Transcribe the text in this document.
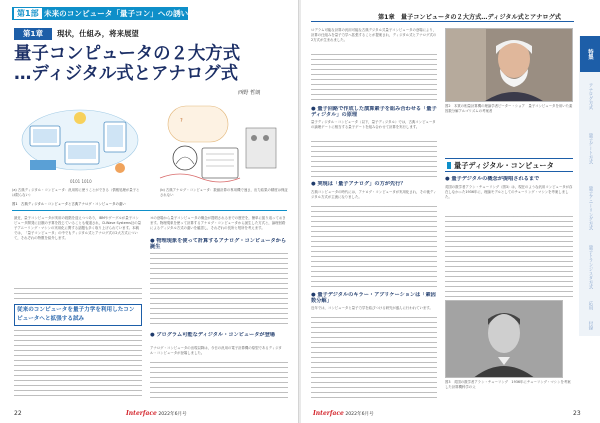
第1部 未来のコンピュータ「量子コン」への誘い
第1章	現状，仕組み，将来展望
量子コンピュータの２大方式
…ディジタル式とアナログ式
西野 哲朗
0101 1010
?
(a) 古典ディジタル・コンピュータ：汎用的に使うことができる（情報処理が量子とは限らない）
(b) 古典アナログ・コンピュータ：数値計算の専用機で速さ，出力結果の精度は保証されない
図1　古典ディジタル・コンピュータと古典アナログ・コンピュータの違い
最近，量子コンピュータが実用の段階を迎えつつあり，IBMやグーグルが量子コンピュータ開発に巨額の予算を投じていることも報道され，D-Wave Systems社の量子アニーリング・マシンの実用化に関する話題も多く取り上げられています。本稿では，「量子コンピュータ」の中でもディジタル式とアナログ式の2大方式について，それぞれの特徴を紹介します。
従来のコンピュータを量子力学を利用したコンピュータへと拡張する試み
ヨの登場から量子コンピュータの概念が提唱されるまでの歴史を，簡単に振り返っておきます。物理現象を使って計算するアナログ・コンピュータから誕生した方式と，論理回路によるディジタル方式の違いを確認し，それぞれの長所と短所を考えます。
● 物理現象を使って計算するアナログ・コンピュータから誕生
● プログラム可能なディジタル・コンピュータが登場
アナログ・コンピュータの出現以降は，今日の汎用の電子計算機の原型であるディジタル・コンピュータが登場しました。
22	Interface 2022年6月号
第1章　量子コンピュータの２大方式…ディジタル式とアナログ式
特集
アナログ方式
量子ゲート方式
量子アニーリング方式
量子トランジスタ方式
応用
付録
ロデラム可能な計算の汎用可能な古典デジタル式量子コンピュータの登場により，計算の仕組みを量子力学へ拡張することが提案され，ディジタル式とアナログ式の2方式が生まれました。
● 量子回路で作成した演算素子を組み合わせる「量子ディジタル」の原理
量子ディジタル・コンピュータ（以下，量子ディジタル）では，古典コンピュータの論理ゲートに相当する量子ゲートを組み合わせて計算を実行します。
● 実現は「量子アナログ」の方が先行？
古典コンピュータの時代には，アナログ・コンピュータが実用化され，その後ディジタル方式が主流になりました。
● 量子デジタルのキラー・アプリケーションは「素因数分解」
近年では，コンピュータと量子力学を結びつける研究が盛んに行われています。
図2　本質の相量計算機の理論学者ピーター・ショア　量子コンピュータを用いた素因数分解アルゴリズムの考案者
量子ディジタル・コンピュータ
● 量子デジタルの概念が提唱されるまで
英国の数学者アラン・チューリング（図3）は，現在のような汎用コンピュータが存在しなかった1936年に，理論モデルとしてのチューリング・マシンを考案しました。
図3　英国の数学者アラン・チューリング　1936年にチューリング・マシンを考案した計算機科学の父
Interface 2022年6月号	23
